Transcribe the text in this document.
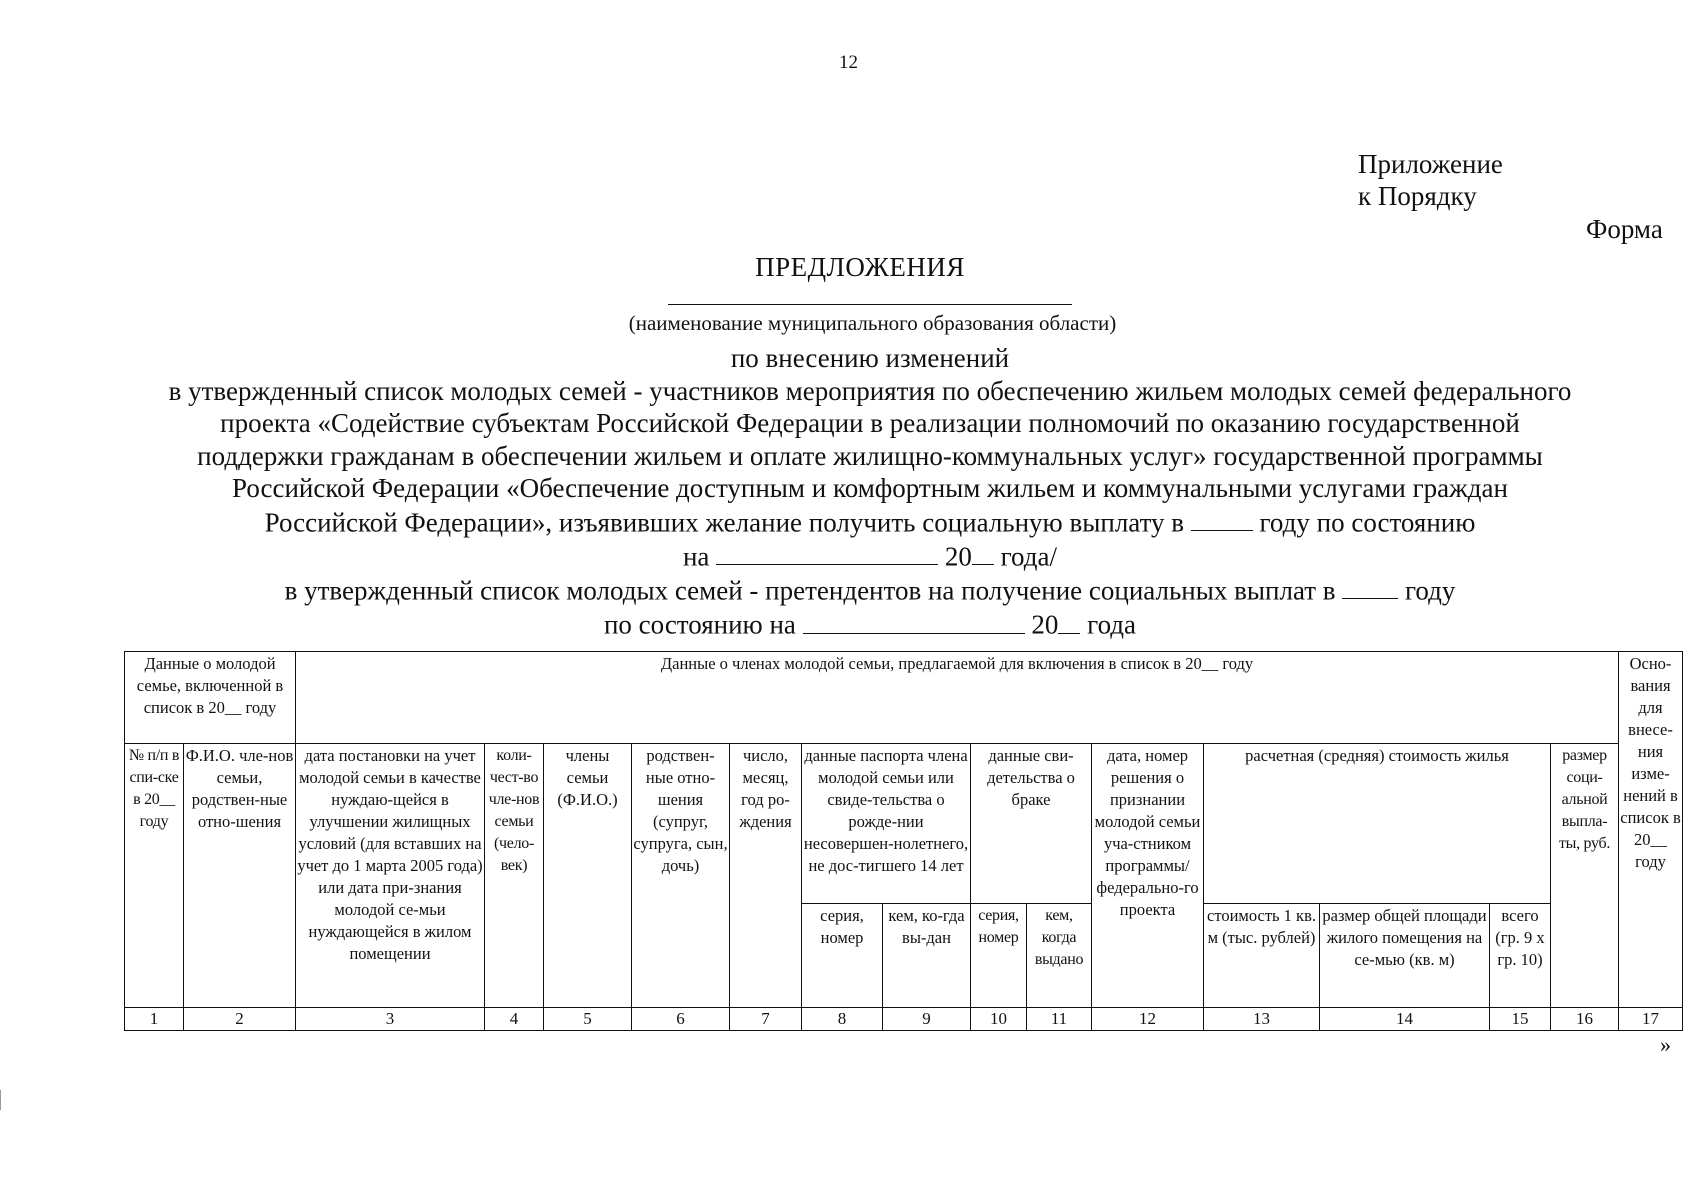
12
Приложение
к Порядку
Форма
ПРЕДЛОЖЕНИЯ
(наименование муниципального образования области)
по внесению изменений
в утвержденный список молодых семей - участников мероприятия по обеспечению жильем молодых семей федерального
проекта «Содействие субъектам Российской Федерации в реализации полномочий по оказанию государственной
поддержки гражданам в обеспечении жильем и оплате жилищно-коммунальных услуг» государственной программы
Российской Федерации «Обеспечение доступным и комфортным жильем и коммунальными услугами граждан
Российской Федерации», изъявивших желание получить социальную выплату в	году по состоянию
на	20 года/
в утвержденный список молодых семей - претендентов на получение социальных выплат в	году
по состоянию на	20 года
Данные о молодой семье, включенной в список в 20__ году		Данные о членах молодой семьи, предлагаемой для включения в список в 20__ году														Осно-вания для внесе-ния изме-нений в список в 20__ году
№ п/п в спи-ске в 20__ году	Ф.И.О. чле-нов семьи, родствен-ные отно-шения	дата постановки на учет молодой семьи в качестве нуждаю-щейся в улучшении жилищных условий (для вставших на учет до 1 марта 2005 года) или дата при-знания молодой се-мьи нуждающейся в жилом помещении	коли-чест-во чле-нов семьи (чело-век)	члены семьи (Ф.И.О.)	родствен-ные отно-шения (супруг, супруга, сын, дочь)	число, месяц, год ро-ждения	данные паспорта члена молодой семьи или свиде-тельства о рожде-нии несовершен-нолетнего, не дос-тигшего 14 лет		данные сви-детельства о браке		дата, номер решения о признании молодой семьи уча-стником программы/ федерально-го проекта	расчетная (средняя) стоимость жилья			размер соци-альной выпла-ты, руб.	
							серия, номер	кем, ко-гда вы-дан	серия, номер	кем, когда выдано		стоимость 1 кв. м (тыс. рублей)	размер общей площади жилого помещения на се-мью (кв. м)	всего (гр. 9 х гр. 10)		
1	2	3	4	5	6	7	8	9	10	11	12	13	14	15	16	17
»
